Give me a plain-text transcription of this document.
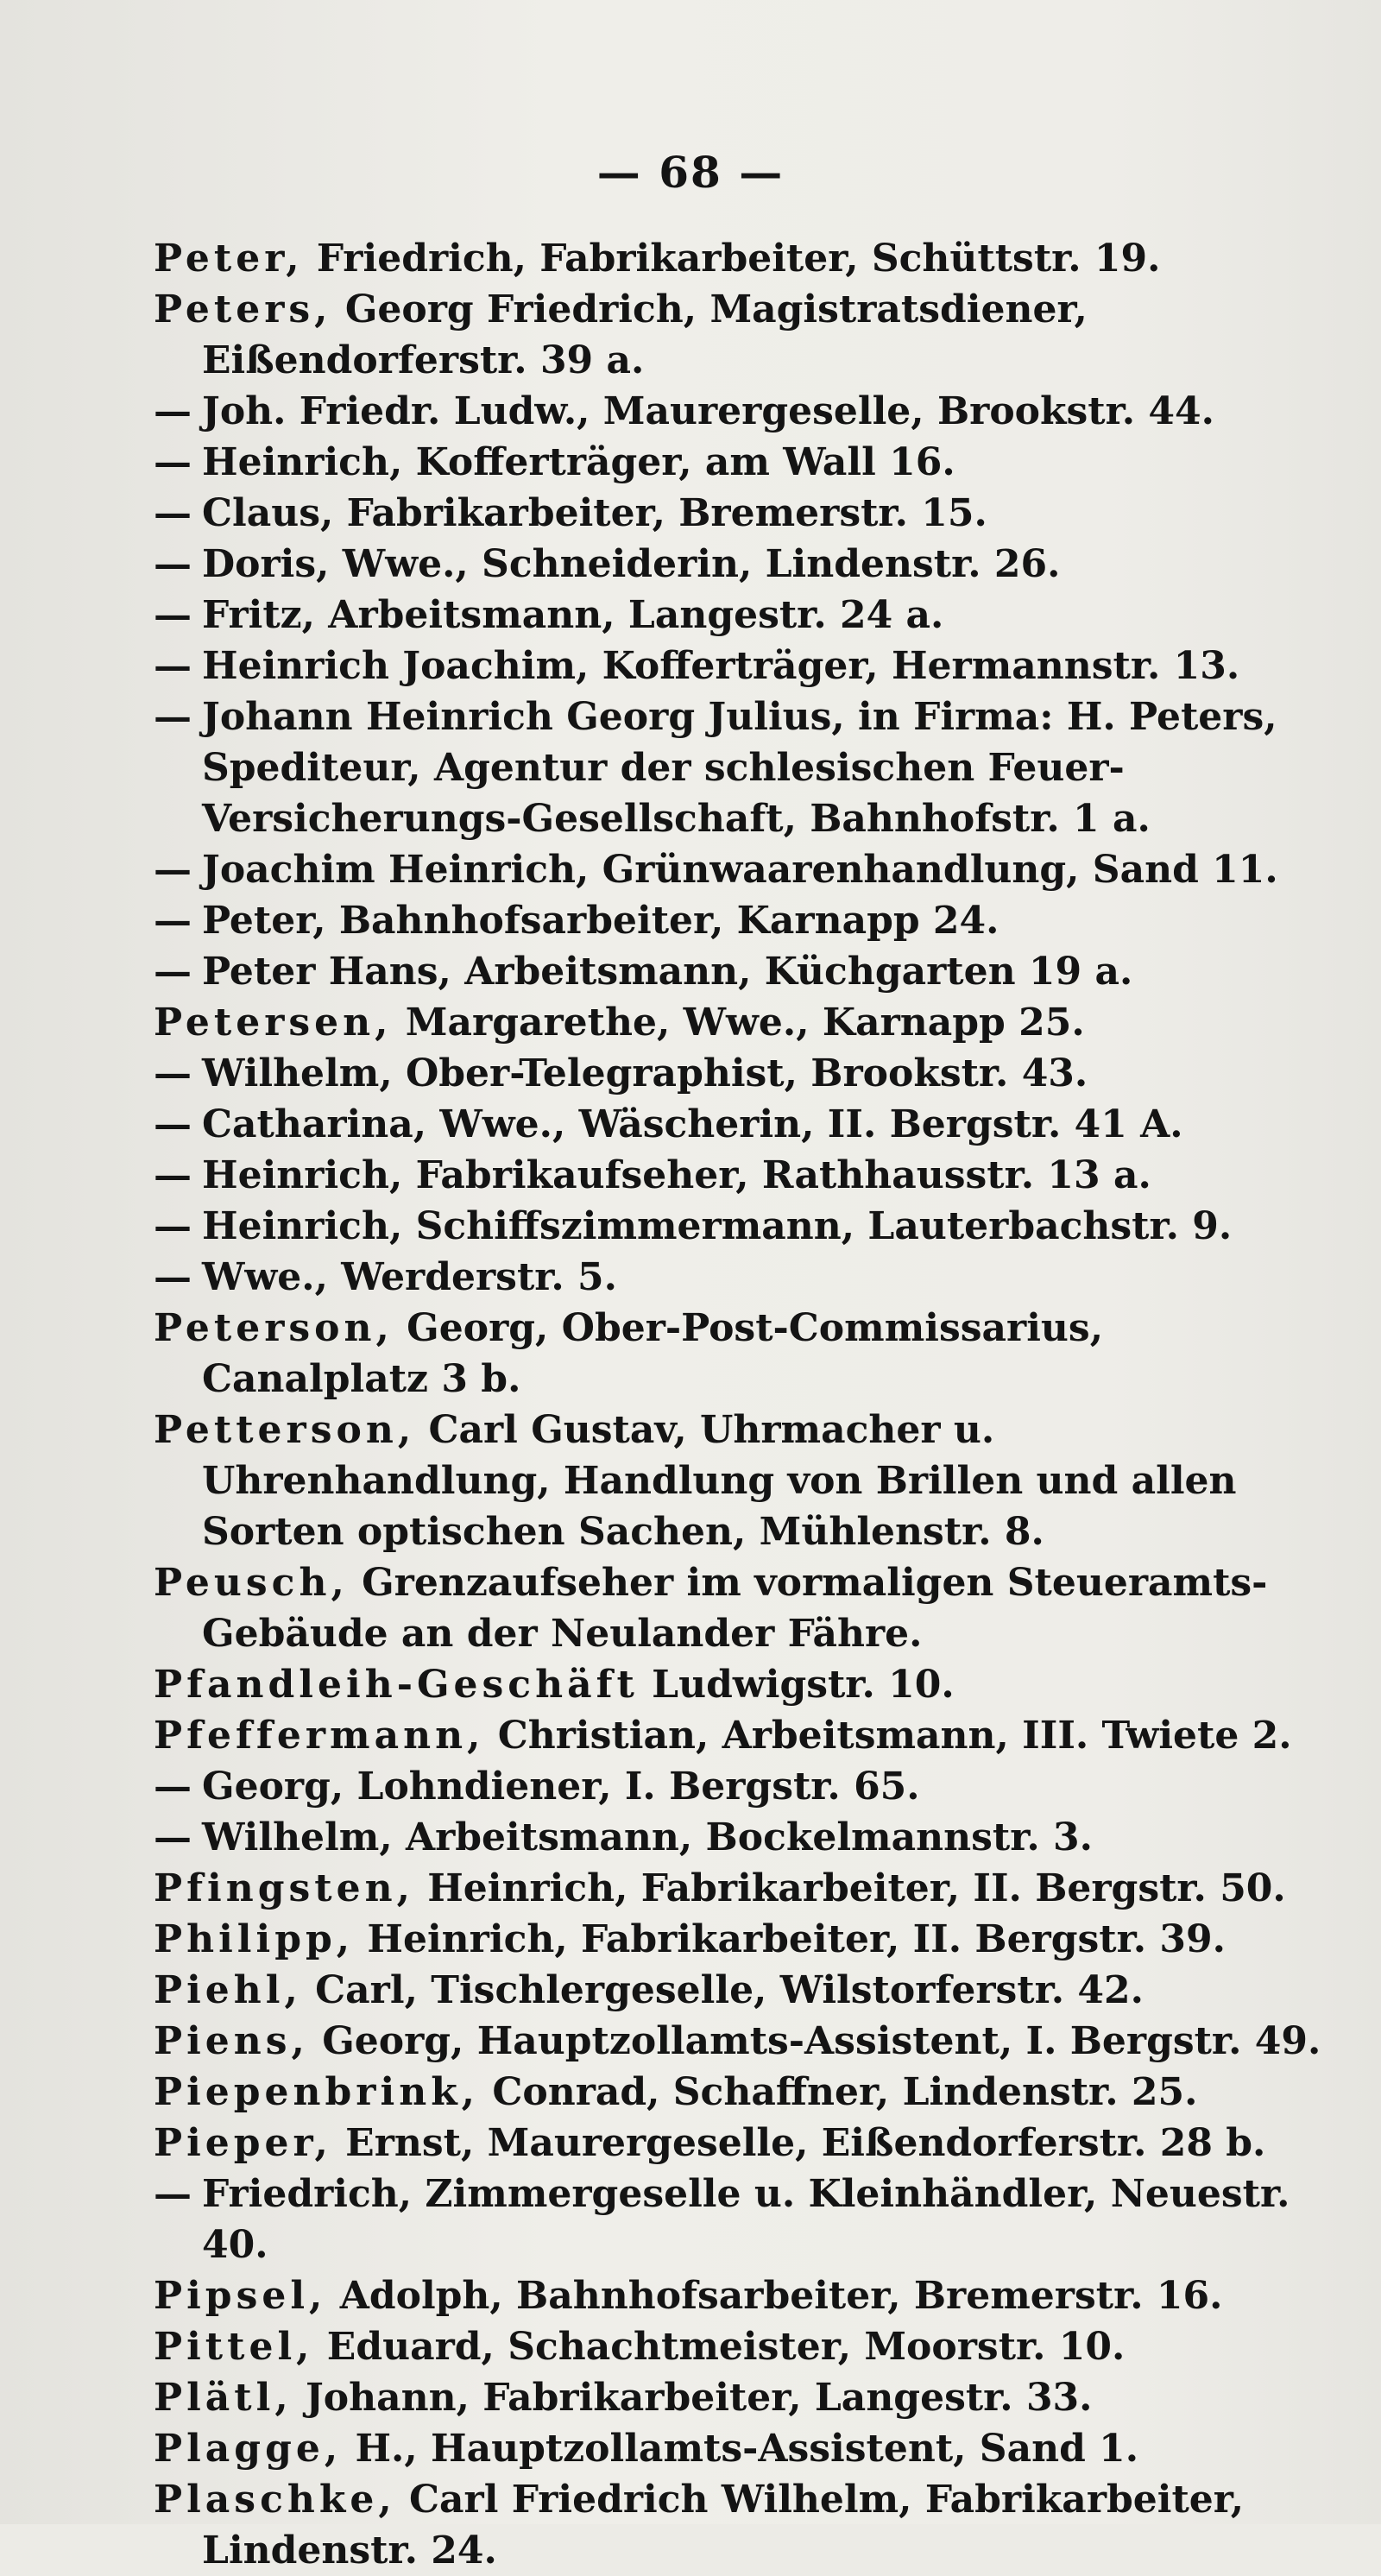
— 68 —
Peter, Friedrich, Fabrikarbeiter, Schüttstr. 19.
Peters, Georg Friedrich, Magistratsdiener, Eißendorferstr. 39 a.
— Joh. Friedr. Ludw., Maurergeselle, Brookstr. 44.
— Heinrich, Kofferträger, am Wall 16.
— Claus, Fabrikarbeiter, Bremerstr. 15.
— Doris, Wwe., Schneiderin, Lindenstr. 26.
— Fritz, Arbeitsmann, Langestr. 24 a.
— Heinrich Joachim, Kofferträger, Hermannstr. 13.
— Johann Heinrich Georg Julius, in Firma: H. Peters, Spediteur, Agentur der schlesischen Feuer-Versicherungs-Gesellschaft, Bahnhofstr. 1 a.
— Joachim Heinrich, Grünwaarenhandlung, Sand 11.
— Peter, Bahnhofsarbeiter, Karnapp 24.
— Peter Hans, Arbeitsmann, Küchgarten 19 a.
Petersen, Margarethe, Wwe., Karnapp 25.
— Wilhelm, Ober-Telegraphist, Brookstr. 43.
— Catharina, Wwe., Wäscherin, II. Bergstr. 41 A.
— Heinrich, Fabrikaufseher, Rathhausstr. 13 a.
— Heinrich, Schiffszimmermann, Lauterbachstr. 9.
— Wwe., Werderstr. 5.
Peterson, Georg, Ober-Post-Commissarius, Canalplatz 3 b.
Petterson, Carl Gustav, Uhrmacher u. Uhrenhandlung, Handlung von Brillen und allen Sorten optischen Sachen, Mühlenstr. 8.
Peusch, Grenzaufseher im vormaligen Steueramts-Gebäude an der Neulander Fähre.
Pfandleih-Geschäft Ludwigstr. 10.
Pfeffermann, Christian, Arbeitsmann, III. Twiete 2.
— Georg, Lohndiener, I. Bergstr. 65.
— Wilhelm, Arbeitsmann, Bockelmannstr. 3.
Pfingsten, Heinrich, Fabrikarbeiter, II. Bergstr. 50.
Philipp, Heinrich, Fabrikarbeiter, II. Bergstr. 39.
Piehl, Carl, Tischlergeselle, Wilstorferstr. 42.
Piens, Georg, Hauptzollamts-Assistent, I. Bergstr. 49.
Piepenbrink, Conrad, Schaffner, Lindenstr. 25.
Pieper, Ernst, Maurergeselle, Eißendorferstr. 28 b.
— Friedrich, Zimmergeselle u. Kleinhändler, Neuestr. 40.
Pipsel, Adolph, Bahnhofsarbeiter, Bremerstr. 16.
Pittel, Eduard, Schachtmeister, Moorstr. 10.
Plätl, Johann, Fabrikarbeiter, Langestr. 33.
Plagge, H., Hauptzollamts-Assistent, Sand 1.
Plaschke, Carl Friedrich Wilhelm, Fabrikarbeiter, Lindenstr. 24.
